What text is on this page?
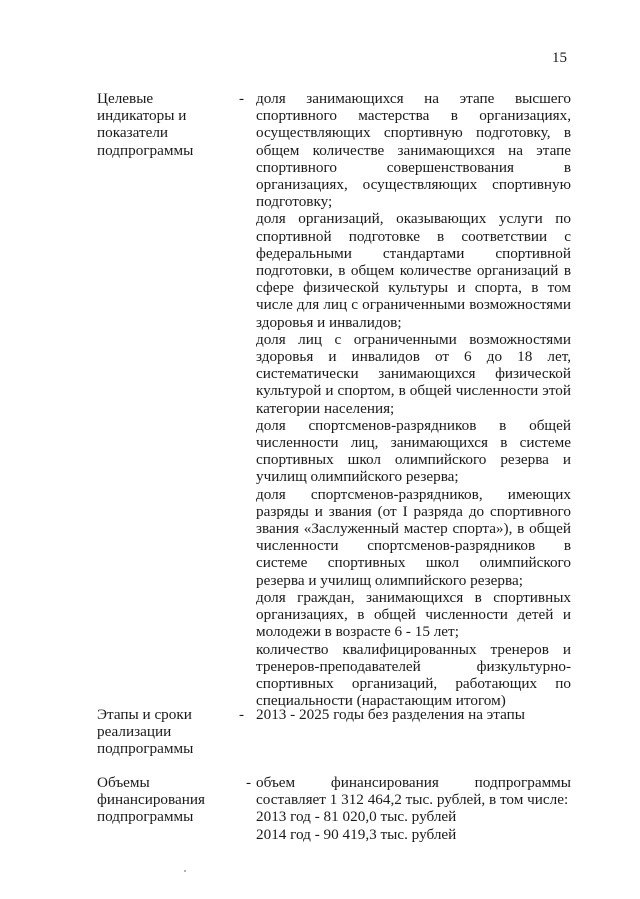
15
Целевые индикаторы и показатели подпрограммы
- доля занимающихся на этапе высшего спортивного мастерства в организациях, осуществляющих спортивную подготовку, в общем количестве занимающихся на этапе спортивного совершенствования в организациях, осуществляющих спортивную подготовку;
доля организаций, оказывающих услуги по спортивной подготовке в соответствии с федеральными стандартами спортивной подготовки, в общем количестве организаций в сфере физической культуры и спорта, в том числе для лиц с ограниченными возможностями здоровья и инвалидов;
доля лиц с ограниченными возможностями здоровья и инвалидов от 6 до 18 лет, систематически занимающихся физической культурой и спортом, в общей численности этой категории населения;
доля спортсменов-разрядников в общей численности лиц, занимающихся в системе спортивных школ олимпийского резерва и училищ олимпийского резерва;
доля спортсменов-разрядников, имеющих разряды и звания (от I разряда до спортивного звания «Заслуженный мастер спорта»), в общей численности спортсменов-разрядников в системе спортивных школ олимпийского резерва и училищ олимпийского резерва;
доля граждан, занимающихся в спортивных организациях, в общей численности детей и молодежи в возрасте 6 - 15 лет;
количество квалифицированных тренеров и тренеров-преподавателей физкультурно-спортивных организаций, работающих по специальности (нарастающим итогом)
Этапы и сроки реализации подпрограммы
- 2013 - 2025 годы без разделения на этапы
Объемы финансирования подпрограммы
- объем финансирования подпрограммы составляет 1 312 464,2 тыс. рублей, в том числе:
2013 год - 81 020,0 тыс. рублей
2014 год - 90 419,3 тыс. рублей
